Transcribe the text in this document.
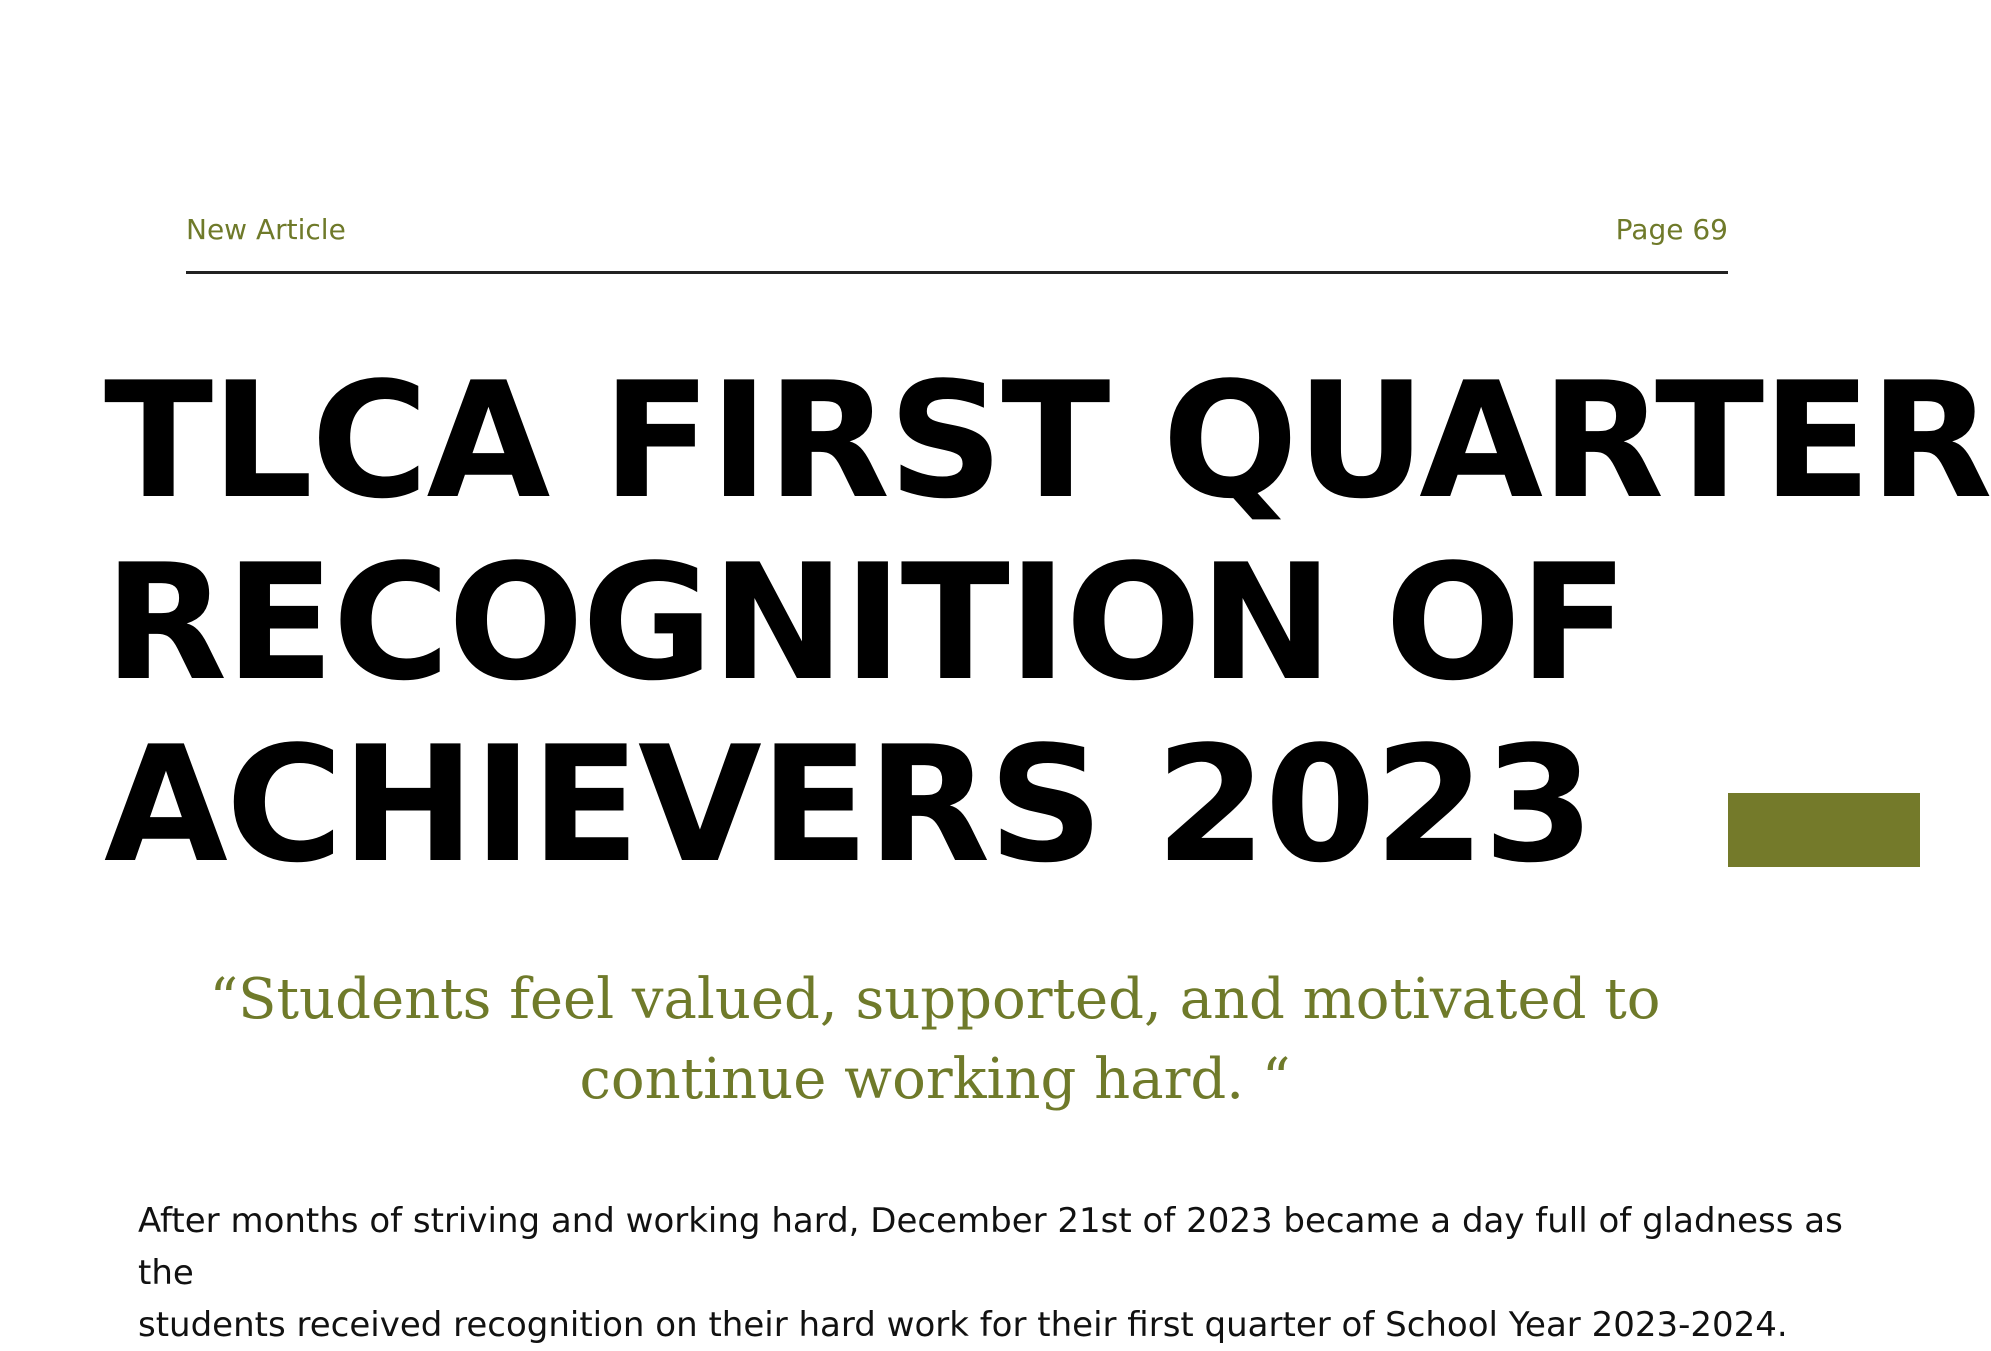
New Article	Page 69
TLCA FIRST QUARTER
RECOGNITION OF
ACHIEVERS 2023
“Students feel valued, supported, and motivated to continue working hard. “
After months of striving and working hard, December 21st of 2023 became a day full of gladness as the
students received recognition on their hard work for their first quarter of School Year 2023-2024.
